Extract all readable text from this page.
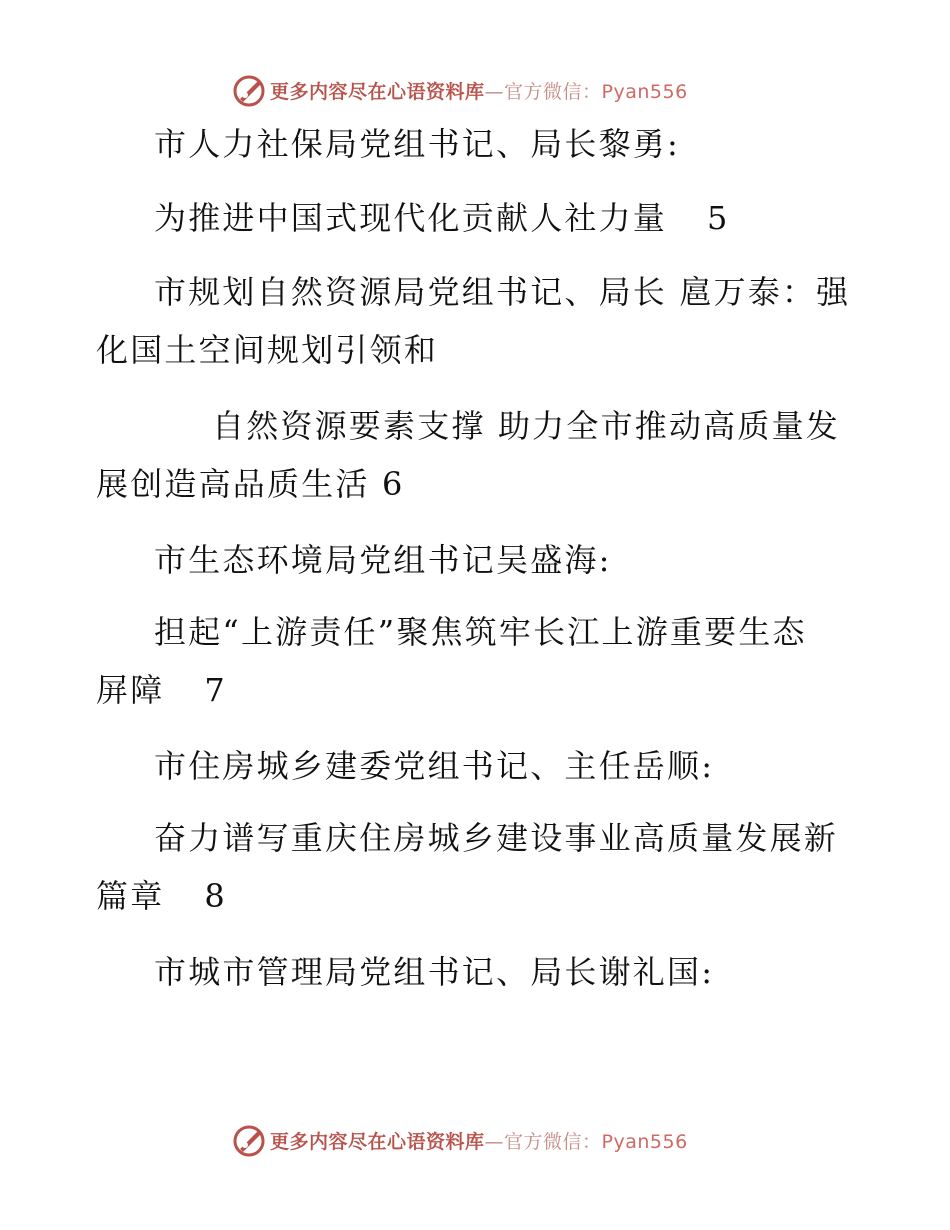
更多内容尽在心语资料库—官方微信：Pyan556
市人力社保局党组书记、局长黎勇:
为推进中国式现代化贡献人社力量 5
市规划自然资源局党组书记、局长 扈万泰：强
化国土空间规划引领和
自然资源要素支撑 助力全市推动高质量发
展创造高品质生活 6
市生态环境局党组书记吴盛海:
担起“上游责任”聚焦筑牢长江上游重要生态
屏障 7
市住房城乡建委党组书记、主任岳顺:
奋力谱写重庆住房城乡建设事业高质量发展新
篇章 8
市城市管理局党组书记、局长谢礼国:
更多内容尽在心语资料库—官方微信：Pyan556
